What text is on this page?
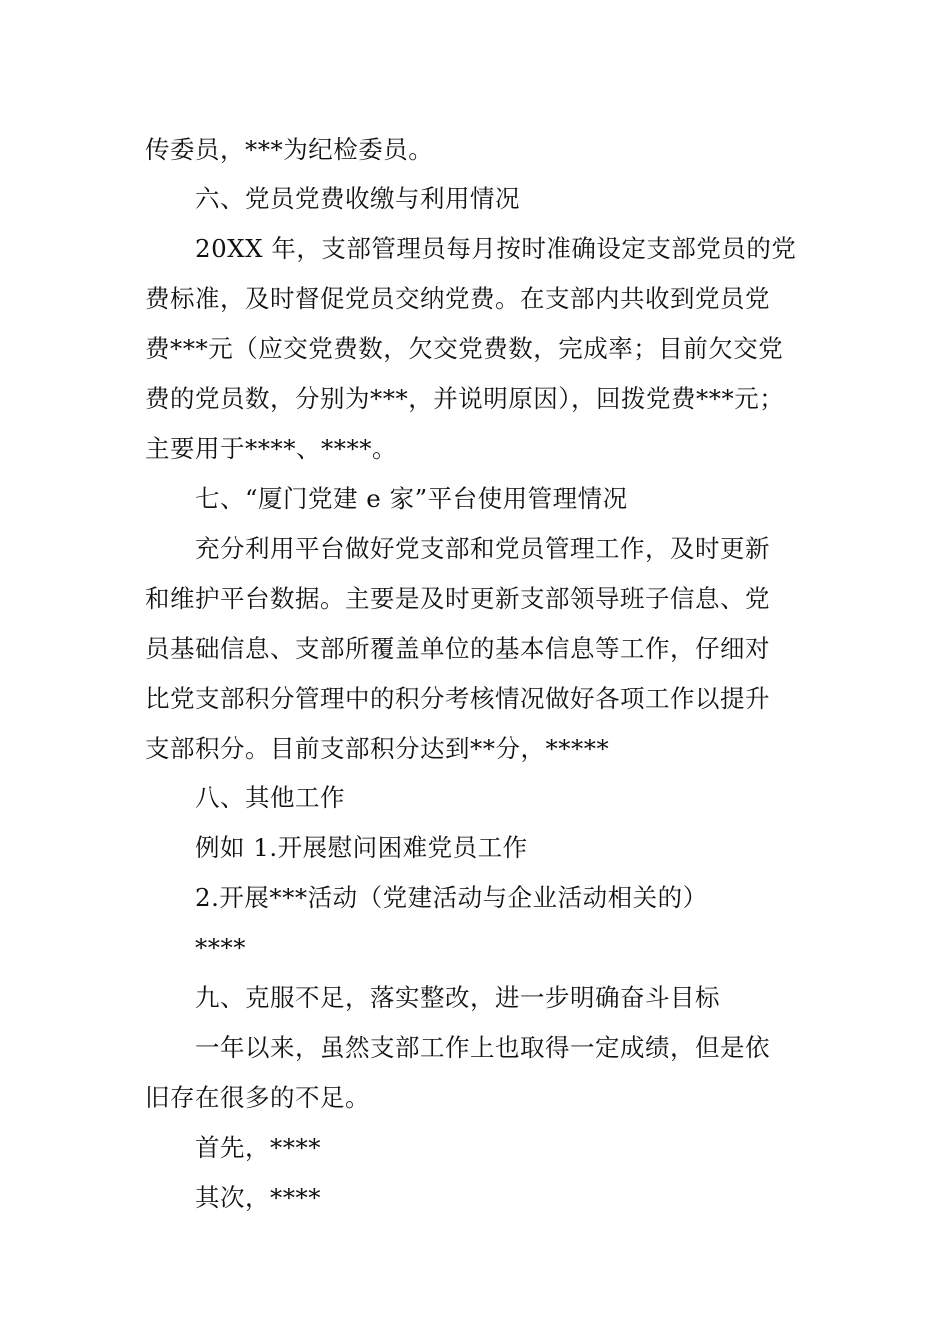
传委员，***为纪检委员。
六、党员党费收缴与利用情况
20XX 年，支部管理员每月按时准确设定支部党员的党
费标准，及时督促党员交纳党费。在支部内共收到党员党
费***元（应交党费数，欠交党费数，完成率；目前欠交党
费的党员数，分别为***，并说明原因），回拨党费***元；
主要用于****、****。
七、“厦门党建 e 家”平台使用管理情况
充分利用平台做好党支部和党员管理工作，及时更新
和维护平台数据。主要是及时更新支部领导班子信息、党
员基础信息、支部所覆盖单位的基本信息等工作，仔细对
比党支部积分管理中的积分考核情况做好各项工作以提升
支部积分。目前支部积分达到**分，*****
八、其他工作
例如 1.开展慰问困难党员工作
2.开展***活动（党建活动与企业活动相关的）
****
九、克服不足，落实整改，进一步明确奋斗目标
一年以来，虽然支部工作上也取得一定成绩，但是依
旧存在很多的不足。
首先，****
其次，****
